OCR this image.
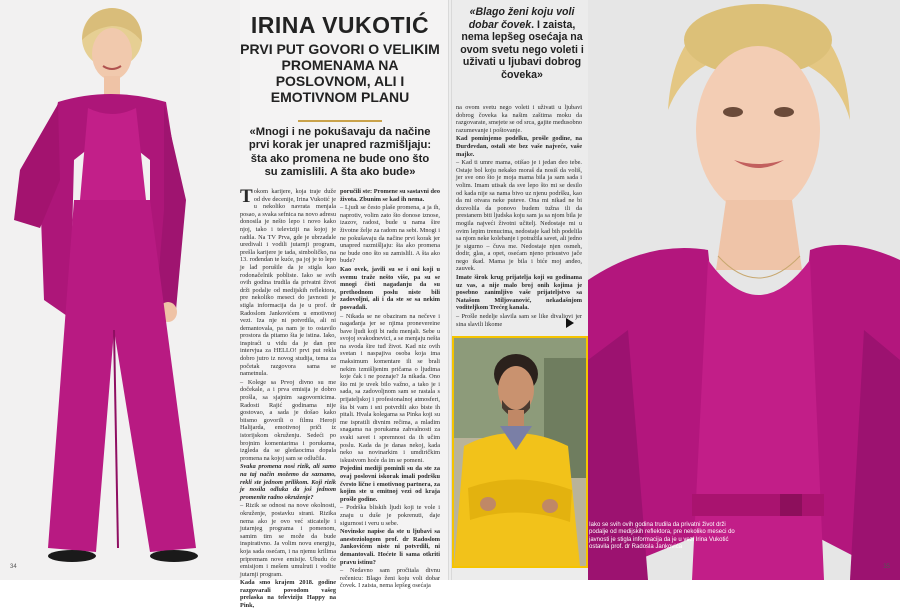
IRINA VUKOTIĆ
PRVI PUT GOVORI O VELIKIM PROMENAMA NA POSLOVNOM, ALI I EMOTIVNOM PLANU
«Mnogi i ne pokušavaju da načine prvi korak jer unapred razmišljaju: šta ako promena ne bude ono što su zamislili. A šta ako bude»

Tokom karijere, koja traje duže od dve decenije, Irina Vukotić je u nekoliko navrata menjala posao, a svaka sefnica na novo adresu donosila je nešto lepo i novo kako njoj, tako i televiziji na kojoj je radila. Na TV Prva, gde je ubrzadale uredivali i vodili jutarnji program, prešla karijere je tada, simboličko, na 13. rođendan te kuće, pa joj je to lepo je lađ porušile da je stigla kao rodonačelnik pobliste. Iako se svih ovih godina trudila da privatni život drži podalje od medijskih reflektora, pre nekoliko meseci do javnosti je stigla informacija da je u prof. dr Radoslom Jankovićem u emotivnoj vezi. Iza nje ni potvrdila, ali ni demantovala, pa nam je to ostavilo prostora da pitamo šta je istina. Iako, inspiraći u vidu da je dan pre intervjua za HELLO! prvi put rekla dobro jutro iz novog studija, tema za početak razgovora sama se nametnula.

– Kolege sa Prvoj divno su me dočekale, a i prva emisija je dobro prošla, sa sjajnim sagovornicima. Radosti Rajić godinama nije gostovao, a sada je došao kako biismo govorili o filmu Heroji Halijarda, emotivnoj priči iz istorijskom okruženju. Sedeći po brojnim komentarima i porukama, izgleda da se gledaocima dopala promena na kojoj sam se odlučila.

Svaka promena nosi rizik, ali samo na taj način možemo da saznamo, rekli ste jednom prilikom. Koji rizik je nosila odluka da još jednom promenite radno okruženje?

– Rizik se odnosi na nove okolnosti, okruženje, postavku strani. Rizika nema ako je ovo već sticatelje i jutarnjeg programa i pomenom, samim tim se može da bude inspirativno. Ja volim novu energiju, koja sada osećam, i na njemu krilima pripremam nove emisije. Ubudu će emisijom i mešem umulruti i vodite jutarnji program.

Kada smo krajem 2018. godine razgovarali povodom vašeg prelaska na televiziju Happy na Pink,

poručili ste: Promene su sastavni deo života. Zbunim se kad ih nema.

– Ljudi se često plaše promena, a ja ih, naprotiv, volim zato što donose iznose, izazov, radost, bude u nama šire životne želje za radom na sebi. Mnogi i ne pokušavaju da načine prvi korak jer unapred razmišljaju: šta ako promena ne bude ono što su zamislili. A šta ako bude?

Kao ovek, javili su se i oni koji u svemu traže nešto više, pa su se mnogi čisti nagađanju da su prethodnom poslu niste bili zadovoljni, ali i da ste se sa nekim posvađali.

– Nikada se ne obaziram na nečeve i nagađanja jer se njima pronevereine bave ljudi koji bi radu menjali. Sebe u svojoj svakodnevici, a se menjaju nešta na svoda šire tuđ život. Kad niz ovih svetan i naspajiva osoba koja ima maksimum komentare ili se brali nekim izmišljenim pričama o ljudima koje čak i ne poznaje? Ja nikada. Ono što mi je uvek bilo važno, a tako je i sada, sa zadovoljnom sam se rastala s prijateljskoj i profesionalnoj atmosferi, šta bi vam i sni potvrdili ako biste ih pitali. Hvala kolegama sa Pinka koji su me ispratili divnim rečima, a mladim snagama na porukama zahvalnosti za svaki savet i spremnost da ih učim poslu. Kada da je danas nekoj, kada neko sa novinarkim i umdiričkim iskustvom hoće da im se pomeni.

Pojedini mediji pominli su da ste za ovaj poslovni iskorak imali podršku čvrsto lične i emotivnog partnera, za kojim ste u emitnoj vezi od kraja prošle godine.

– Podrška bliskih ljudi koji te vole i znaju u duše je pokrenuti, daje sigurnost i veru u sebe.

Novinske napise da ste u ljubavi sa anesteziologom prof. dr Radoslom Jankovićem niste ni potvrdili, ni demantovali. Hoćete li sama otkriti pravu istinu?

– Nedavno sam pročitala divnu rečenicu: Blago ženi koju voli dobar čovek. I zaista, nema lepšeg osećaja

34
«Blago ženi koju voli dobar čovek. I zaista, nema lepšeg osećaja na ovom svetu nego voleti i uživati u ljubavi dobrog čoveka»

na ovom svetu nego voleti i uživati u ljubavi dobrog čoveka ka našim zaštima moku da razgovarate, smejete se od srca, gajite međusobno razumevanje i poštovanje.

Kad pominjemo podelku, prošle godine, na Đurđevdan, ostali ste bez vaše najveće, vaše majke.

– Kad ti umre mama, otišao je i jedan deo tebe. Ostaje bol koju nekako moraš da nosiš da voliš, jer sve ono što je moja mama bila ja sam sada i volim. Imam utisak da sve lepo što mi se desilo od kada nije sa nama bivo uz njenu podršku, kao da mi otvara neke puteve. Ona mi nikad ne bi dozvolila da ponovo budem tužna ili da prestanem biti ljudska koju sam ja sa njom bila je mogila najveći životni učitelj. Nedostaje mi u ovim lepim trenucima, nedostaje kad bih podelila sa njom neke kolebanje i potražila savet, ali jedno je sigurno – čuva me. Nedostaje njen osmeh, dodir, glas, a opet, osećam njeno prisustvo jače nego ikad. Mama je bila i biće moj anđeo, zauvek.

Imate širok krug prijatelja koji su godinama uz vas, a nije malo broj onih kojima je posebno zanimljivo vaše prijateljstvo sa Natašom Miljovanović, nekadašnjom voditeljkom Trećeg kanala.

– Prošle nedelje slavila sam se like divaliovi jer sina slavili likome

Iako se svih ovih godina trudila da privatni život drži podalje od medijskih reflektora, pre nekoliko meseci do javnosti je stigla informacija da je u vezi Irina Vukotić ostavila prof. dr Radosla Jankovića
35
